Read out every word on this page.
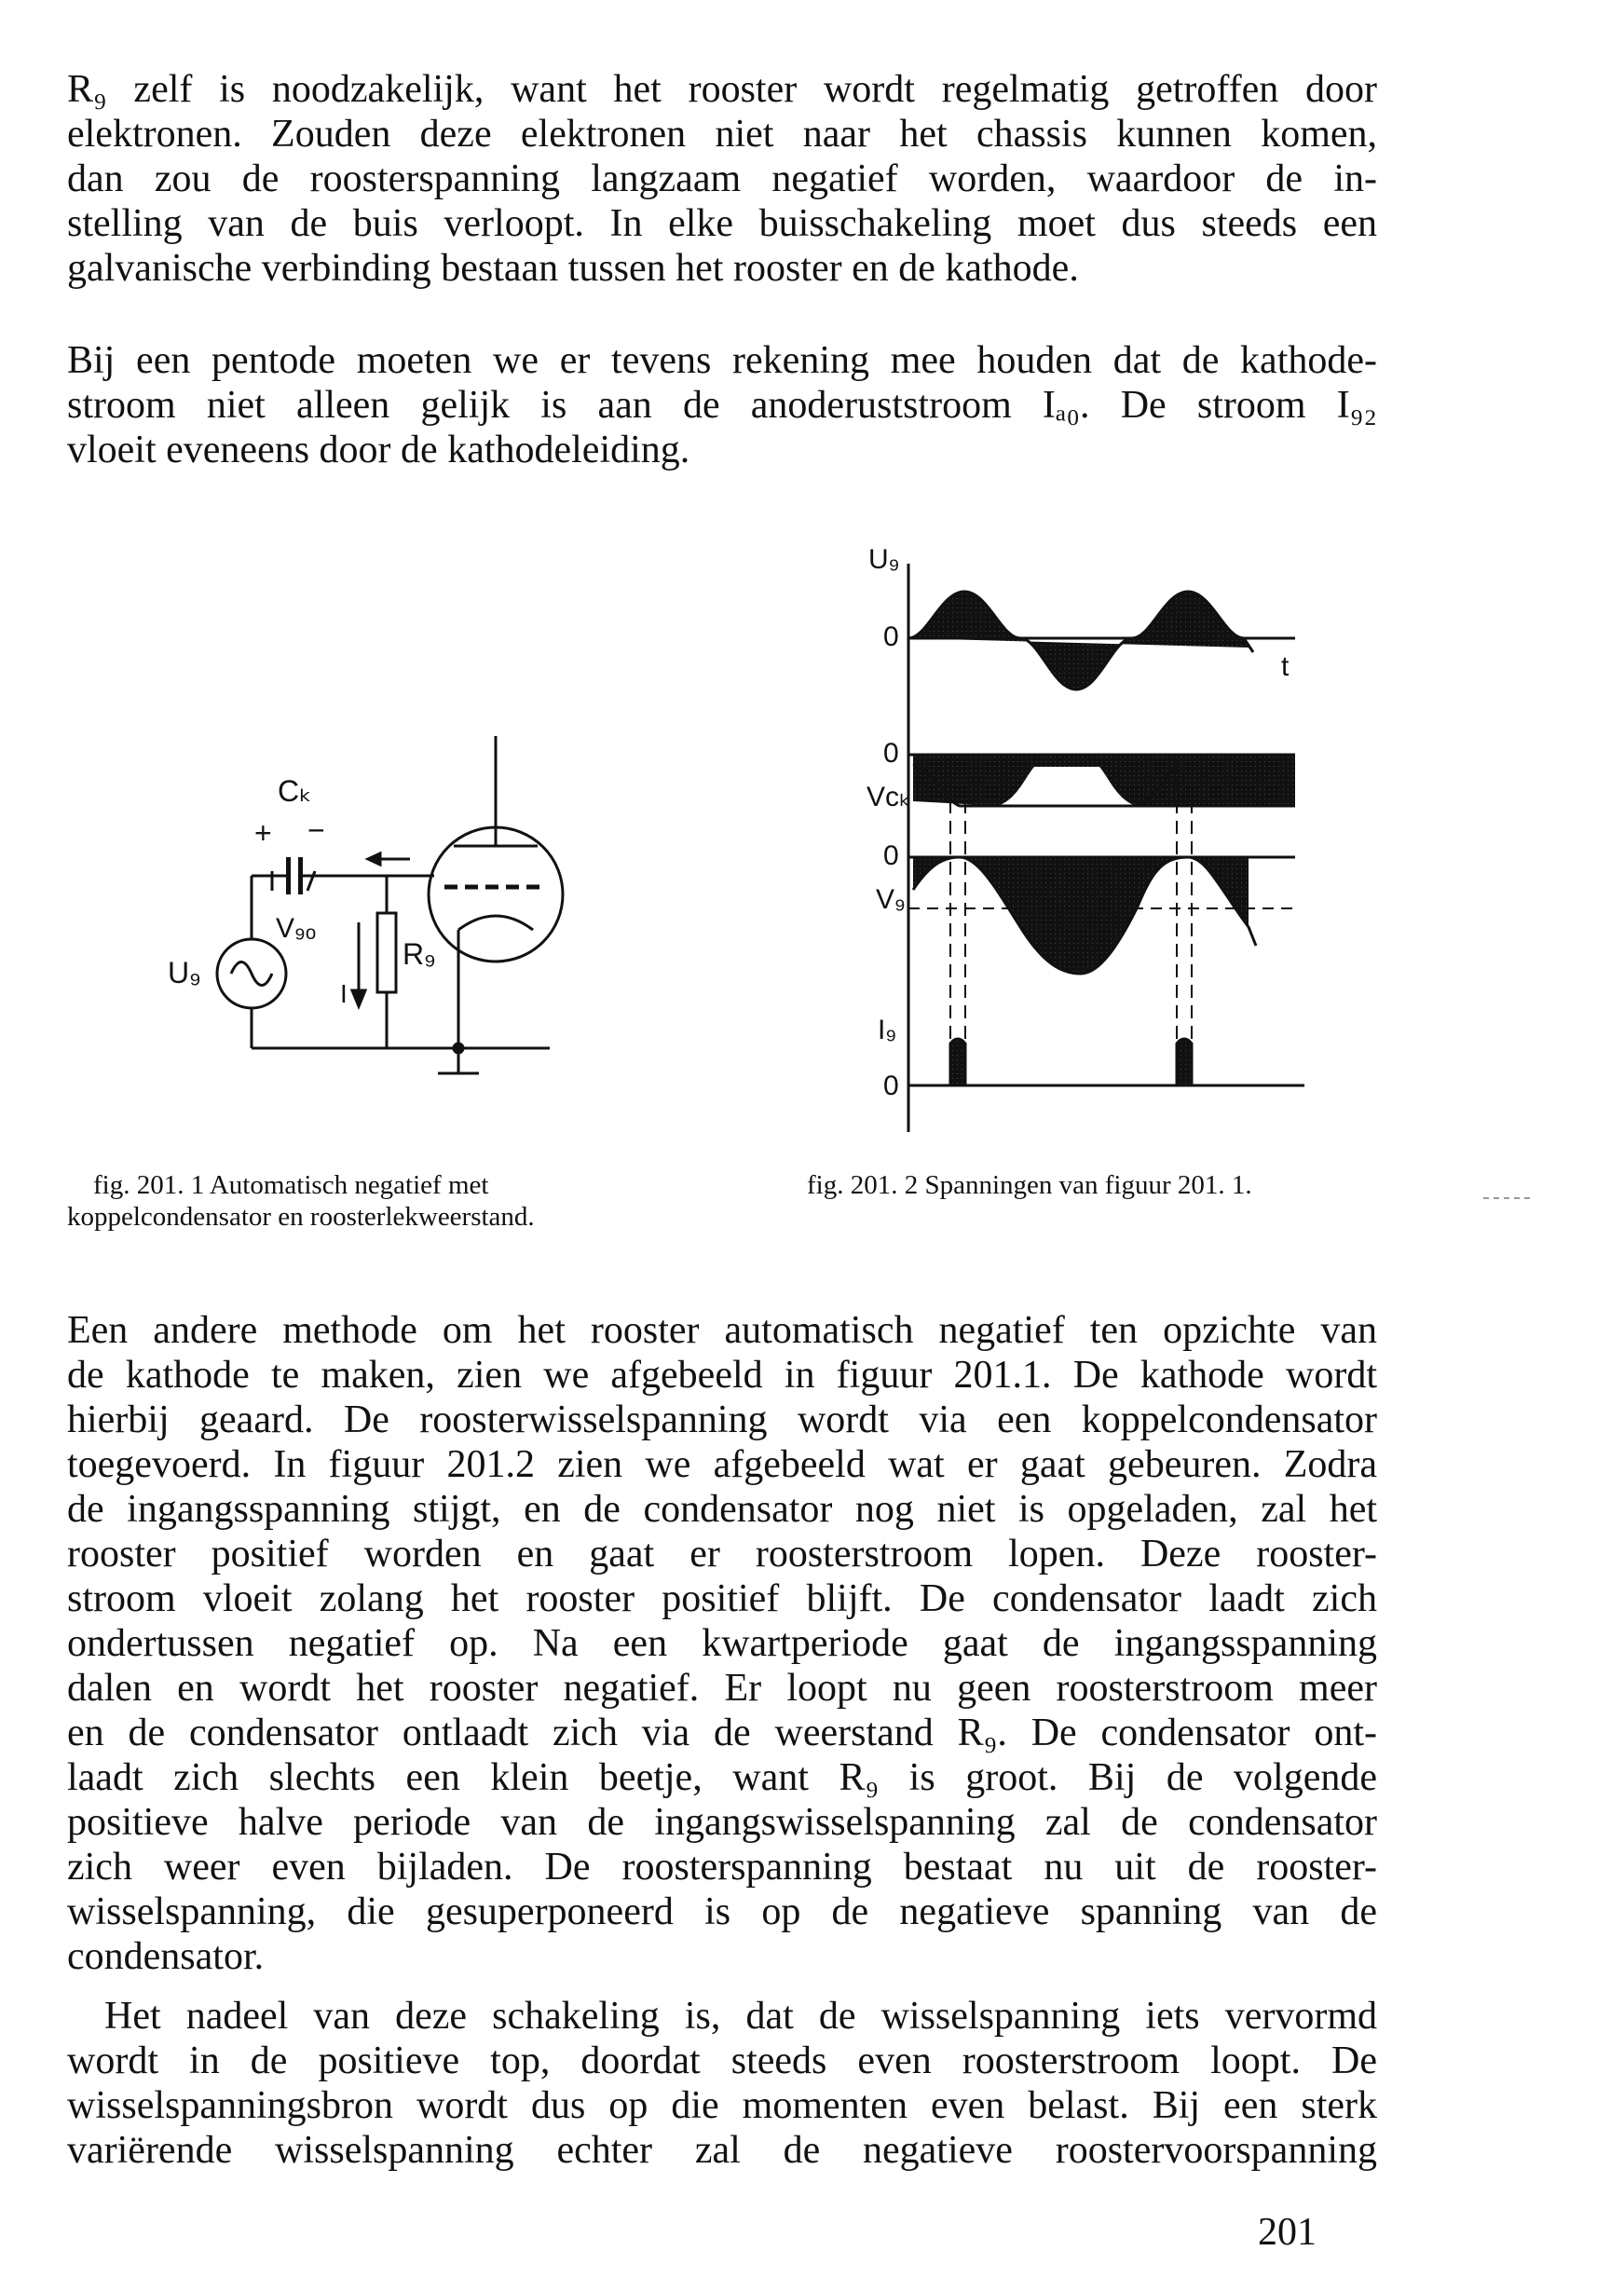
R₉ zelf is noodzakelijk, want het rooster wordt regelmatig getroffen door
elektronen. Zouden deze elektronen niet naar het chassis kunnen komen,
dan zou de roosterspanning langzaam negatief worden, waardoor de in-
stelling van de buis verloopt. In elke buisschakeling moet dus steeds een
galvanische verbinding bestaan tussen het rooster en de kathode.
Bij een pentode moeten we er tevens rekening mee houden dat de kathode-
stroom niet alleen gelijk is aan de anoderuststroom Iₐ₀. De stroom I₉₂
vloeit eveneens door de kathodeleiding.
Cₖ
+ −
V₉ₒ
U₉
R₉
I
U₉
0
t
0
Vᴄₖ
0
V₉
I₉
0
fig. 201. 1 Automatisch negatief met
koppelcondensator en roosterlekweerstand.
fig. 201. 2 Spanningen van figuur 201. 1.
Een andere methode om het rooster automatisch negatief ten opzichte van
de kathode te maken, zien we afgebeeld in figuur 201.1. De kathode wordt
hierbij geaard. De roosterwisselspanning wordt via een koppelcondensator
toegevoerd. In figuur 201.2 zien we afgebeeld wat er gaat gebeuren. Zodra
de ingangsspanning stijgt, en de condensator nog niet is opgeladen, zal het
rooster positief worden en gaat er roosterstroom lopen. Deze rooster-
stroom vloeit zolang het rooster positief blijft. De condensator laadt zich
ondertussen negatief op. Na een kwartperiode gaat de ingangsspanning
dalen en wordt het rooster negatief. Er loopt nu geen roosterstroom meer
en de condensator ontlaadt zich via de weerstand R₉. De condensator ont-
laadt zich slechts een klein beetje, want R₉ is groot. Bij de volgende
positieve halve periode van de ingangswisselspanning zal de condensator
zich weer even bijladen. De roosterspanning bestaat nu uit de rooster-
wisselspanning, die gesuperponeerd is op de negatieve spanning van de
condensator.
Het nadeel van deze schakeling is, dat de wisselspanning iets vervormd
wordt in de positieve top, doordat steeds even roosterstroom loopt. De
wisselspanningsbron wordt dus op die momenten even belast. Bij een sterk
variërende wisselspanning echter zal de negatieve roostervoorspanning
201
